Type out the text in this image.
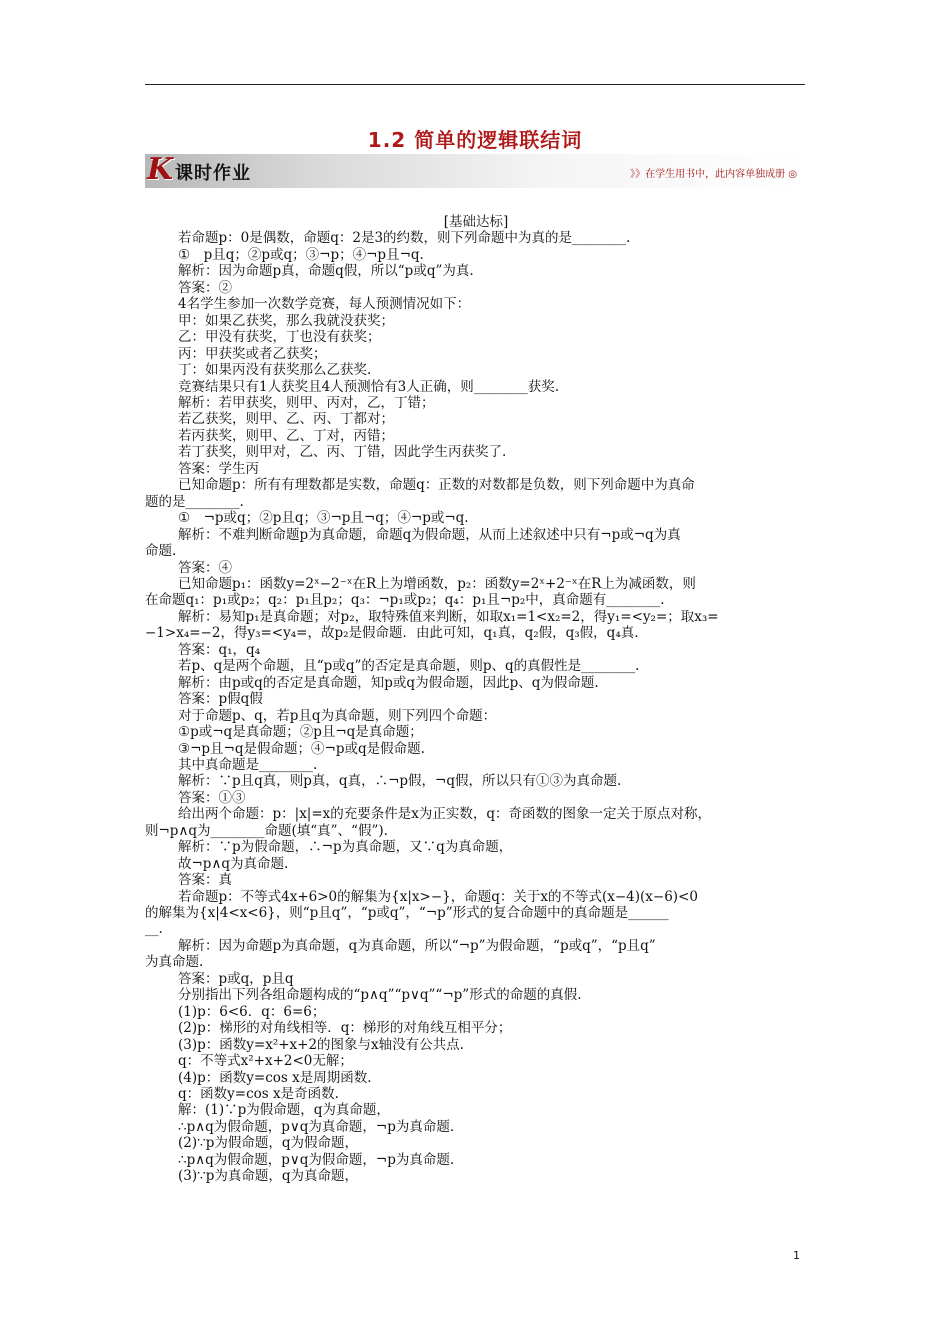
1.2 简单的逻辑联结词
K 课时作业	》》在学生用书中，此内容单独成册 ◎
[基础达标]
若命题p：0是偶数，命题q：2是3的约数，则下列命题中为真的是________.
①　p且q；②p或q；③¬p；④¬p且¬q.
解析：因为命题p真，命题q假，所以“p或q”为真.
答案：②
4名学生参加一次数学竞赛，每人预测情况如下：
甲：如果乙获奖，那么我就没获奖；
乙：甲没有获奖，丁也没有获奖；
丙：甲获奖或者乙获奖；
丁：如果丙没有获奖那么乙获奖.
竞赛结果只有1人获奖且4人预测恰有3人正确，则________获奖.
解析：若甲获奖，则甲、丙对，乙，丁错；
若乙获奖，则甲、乙、丙、丁都对；
若丙获奖，则甲、乙、丁对，丙错；
若丁获奖，则甲对，乙、丙、丁错，因此学生丙获奖了.
答案：学生丙
已知命题p：所有有理数都是实数，命题q：正数的对数都是负数，则下列命题中为真命
题的是________.
①　¬p或q；②p且q；③¬p且¬q；④¬p或¬q.
解析：不难判断命题p为真命题，命题q为假命题，从而上述叙述中只有¬p或¬q为真
命题.
答案：④
已知命题p₁：函数y=2ˣ−2⁻ˣ在R上为增函数，p₂：函数y=2ˣ+2⁻ˣ在R上为减函数，则
在命题q₁：p₁或p₂；q₂：p₁且p₂；q₃：¬p₁或p₂；q₄：p₁且¬p₂中，真命题有________.
解析：易知p₁是真命题；对p₂，取特殊值来判断，如取x₁=1<x₂=2，得y₁=<y₂=；取x₃=
−1>x₄=−2，得y₃=<y₄=，故p₂是假命题．由此可知，q₁真，q₂假，q₃假，q₄真.
答案：q₁，q₄
若p、q是两个命题，且“p或q”的否定是真命题，则p、q的真假性是________.
解析：由p或q的否定是真命题，知p或q为假命题，因此p、q为假命题.
答案：p假q假
对于命题p、q，若p且q为真命题，则下列四个命题：
①p或¬q是真命题；②p且¬q是真命题；
③¬p且¬q是假命题；④¬p或q是假命题.
其中真命题是________.
解析：∵p且q真，则p真，q真，∴¬p假，¬q假，所以只有①③为真命题.
答案：①③
给出两个命题：p：|x|=x的充要条件是x为正实数，q：奇函数的图象一定关于原点对称，
则¬p∧q为________命题(填“真”、“假”).
解析：∵p为假命题，∴¬p为真命题，又∵q为真命题，
故¬p∧q为真命题.
答案：真
若命题p：不等式4x+6>0的解集为{x|x>−}，命题q：关于x的不等式(x−4)(x−6)<0
的解集为{x|4<x<6}，则“p且q”，“p或q”，“¬p”形式的复合命题中的真命题是______
__.
解析：因为命题p为真命题，q为真命题，所以“¬p”为假命题，“p或q”，“p且q”
为真命题.
答案：p或q，p且q
分别指出下列各组命题构成的“p∧q”“p∨q”“¬p”形式的命题的真假.
(1)p：6<6．q：6=6；
(2)p：梯形的对角线相等．q：梯形的对角线互相平分；
(3)p：函数y=x²+x+2的图象与x轴没有公共点.
q：不等式x²+x+2<0无解；
(4)p：函数y=cos x是周期函数.
q：函数y=cos x是奇函数.
解：(1)∵p为假命题，q为真命题，
∴p∧q为假命题，p∨q为真命题，¬p为真命题.
(2)∵p为假命题，q为假命题，
∴p∧q为假命题，p∨q为假命题，¬p为真命题.
(3)∵p为真命题，q为真命题，
1
